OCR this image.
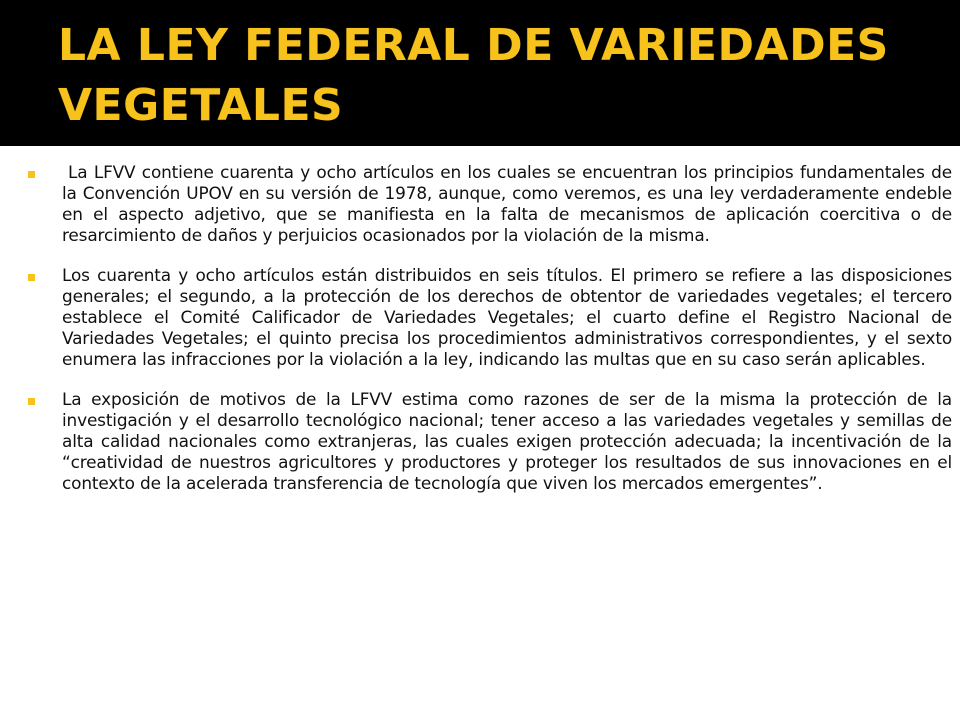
LA LEY FEDERAL DE VARIEDADES VEGETALES
La LFVV contiene cuarenta y ocho artículos en los cuales se encuentran los principios fundamentales de la Convención UPOV en su versión de 1978, aunque, como veremos, es una ley verdaderamente endeble en el aspecto adjetivo, que se manifiesta en la falta de mecanismos de aplicación coercitiva o de resarcimiento de daños y perjuicios ocasionados por la violación de la misma.
Los cuarenta y ocho artículos están distribuidos en seis títulos. El primero se refiere a las disposiciones generales; el segundo, a la protección de los derechos de obtentor de variedades vegetales; el tercero establece el Comité Calificador de Variedades Vegetales; el cuarto define el Registro Nacional de Variedades Vegetales; el quinto precisa los procedimientos administrativos correspondientes, y el sexto enumera las infracciones por la violación a la ley, indicando las multas que en su caso serán aplicables.
La exposición de motivos de la LFVV estima como razones de ser de la misma la protección de la investigación y el desarrollo tecnológico nacional; tener acceso a las variedades vegetales y semillas de alta calidad nacionales como extranjeras, las cuales exigen protección adecuada; la incentivación de la “creatividad de nuestros agricultores y productores y proteger los resultados de sus innovaciones en el contexto de la acelerada transferencia de tecnología que viven los mercados emergentes”.
